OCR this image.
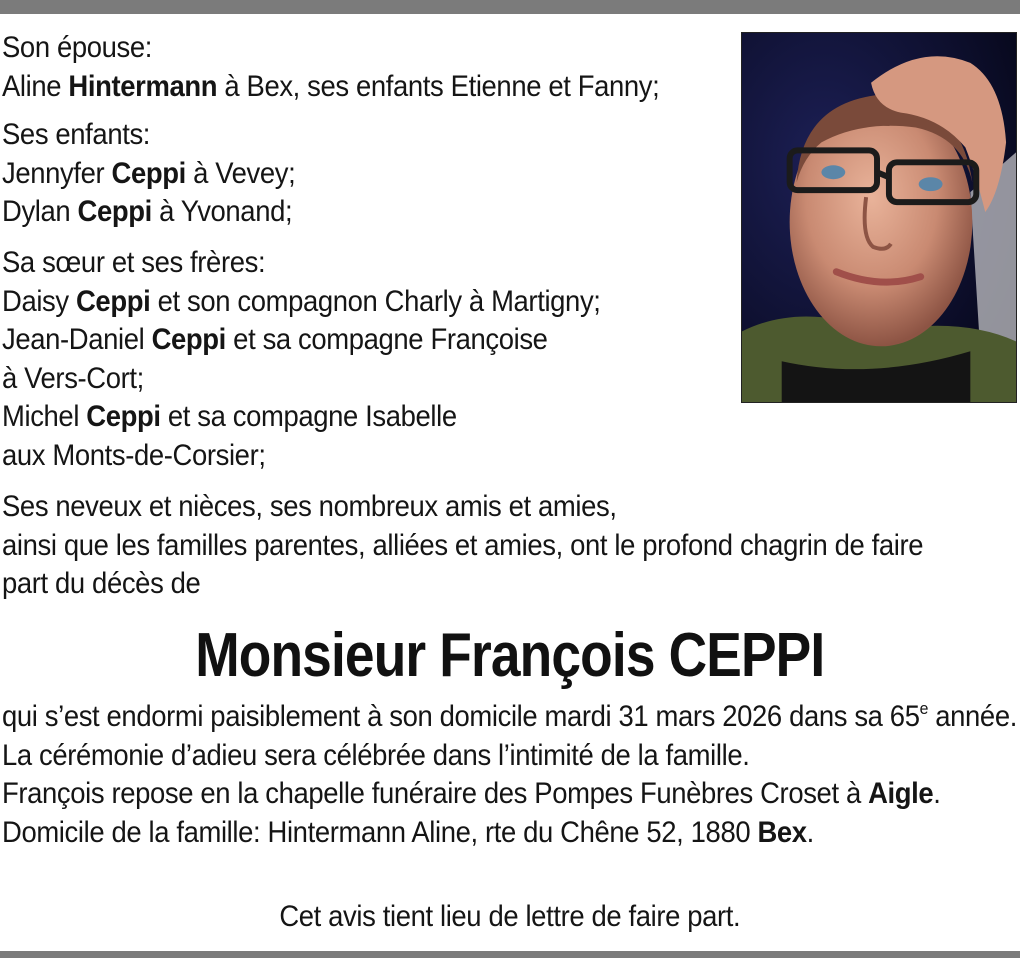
Son épouse:
Aline Hintermann à Bex, ses enfants Etienne et Fanny;
Ses enfants:
Jennyfer Ceppi à Vevey;
Dylan Ceppi à Yvonand;
Sa sœur et ses frères:
Daisy Ceppi et son compagnon Charly à Martigny;
Jean-Daniel Ceppi et sa compagne Françoise
à Vers-Cort;
Michel Ceppi et sa compagne Isabelle
aux Monts-de-Corsier;
Ses neveux et nièces, ses nombreux amis et amies,
ainsi que les familles parentes, alliées et amies, ont le profond chagrin de faire
part du décès de
Monsieur François CEPPI
qui s’est endormi paisiblement à son domicile mardi 31 mars 2026 dans sa 65e année.
La cérémonie d’adieu sera célébrée dans l’intimité de la famille.
François repose en la chapelle funéraire des Pompes Funèbres Croset à Aigle.
Domicile de la famille: Hintermann Aline, rte du Chêne 52, 1880 Bex.
Cet avis tient lieu de lettre de faire part.
